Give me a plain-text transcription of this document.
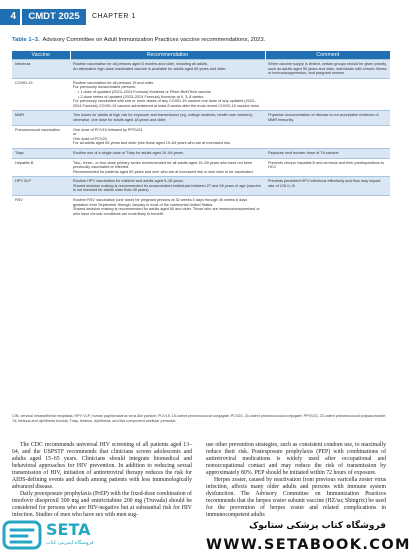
4	CMDT 2025	CHAPTER 1
Table 1–3. Advisory Committee on Adult Immunization Practices vaccine recommendations, 2023.
Vaccine	Recommendation	Comment
Influenza	Routine vaccination for all persons aged 6 months and older, including all adults.
An alternative high-dose inactivated vaccine is available for adults aged 65 years and older.	When vaccine supply is limited, certain groups should be given priority, such as adults aged 50 years and older, individuals with chronic illness or immunosuppression, and pregnant women
COVID-19	Routine vaccination for all persons 19 and older.
For previously unvaccinated persons:
• 1 dose of updated (2023–2024 Formula) Moderna or Pfizer-BioNTech vaccine
• 2-dose series of updated (2023–2024 Formula) Novavax at 0, 3–8 weeks
For previously vaccinated with one or more doses of any COVID-19 vaccine one dose of any updated (2023–2024 Formula) COVID-19 vaccine administered at least 8 weeks after the most recent COVID-19 vaccine dose.	

MMR	Two doses for adults at high risk for exposure and transmission (eg, college students, health care workers); otherwise, one dose for adults aged 18 years and older.	Physician documentation of disease is not acceptable evidence of MMR immunity
Pneumococcal vaccination	One dose of PCV15 followed by PPSV23
or
One dose of PCV20
For all adults aged 65 years and older plus those aged 19–64 years who are at increased risk.	

Tdap	Routine use of a single dose of Tdap for adults aged 19–64 years.	Replaces next booster dose of Td vaccine
Hepatitis B	Two-, three-, or four-dose primary series recommended for all adults aged 19–59 years who have not been previously vaccinated or infected.
Recommended for patients aged 60 years and over who are at increased risk or who wish to be vaccinated.	Prevents chronic hepatitis B and cirrhosis and their predispositions to HCC
HPV VLP	Routine HPV vaccination for children and adults aged 9–26 years.
Shared decision making is recommended for unvaccinated individuals between 27 and 45 years of age (vaccine is not licensed for adults older than 45 years).	Prevents persistent HPV infections effectively and thus may impact rate of CIN II–III
RSV	Routine RSV vaccination (one dose) for pregnant persons at 32 weeks 0 days through 36 weeks 6 days gestation from September through January in most of the continental United States.
Shared decision making is recommended for adults aged 60 and older. Those who are immunocompromised or who have chronic conditions are most likely to benefit.	

CIN, cervical intraepithelial neoplasia; HPV VLP, human papillomavirus virus-like particle; PCV15, 15-valent pneumococcal conjugate; PCV20, 20-valent pneumococcal conjugate; PPSV23, 23-valent pneumococcal polysaccharide; Td, tetanus and diphtheria toxoids; Tdap, tetanus, diphtheria, and five-component acellular pertussis.

The CDC recommends universal HIV screening of all patients aged 13–64, and the USPSTF recommends that clinicians screen adolescents and adults aged 15–65 years. Clinicians should integrate biomedical and behavioral approaches for HIV prevention. In addition to reducing sexual transmission of HIV, initiation of antiretroviral therapy reduces the risk for AIDS-defining events and death among patients with less immunologically advanced disease.

Daily preexposure prophylaxis (PrEP) with the fixed-dose combination of tenofovir disoproxil 300 mg and emtricitabine 200 mg (Truvada) should be considered for persons who are HIV-negative but at substantial risk for HIV infection. Studies of men who have sex with men sug-

use other prevention strategies, such as consistent condom use, to maximally reduce their risk. Postexposure prophylaxis (PEP) with combinations of antiretroviral medications is widely used after occupational and nonoccupational contact and may reduce the risk of transmission by approximately 80%. PEP should be initiated within 72 hours of exposure.

Herpes zoster, caused by reactivation from previous varicella zoster virus infection, affects many older adults and persons with immune system dysfunction. The Advisory Committee on Immunization Practices recommends that the herpes zoster subunit vaccine (HZ/su; Shingrix) be used for the prevention of herpes zoster and related complications in immunocompetent adults

SETA
فروشگاه اینترنتی کتاب
فروشگاه کتاب پزشکی ستابوک
WWW.SETABOOK.COM
